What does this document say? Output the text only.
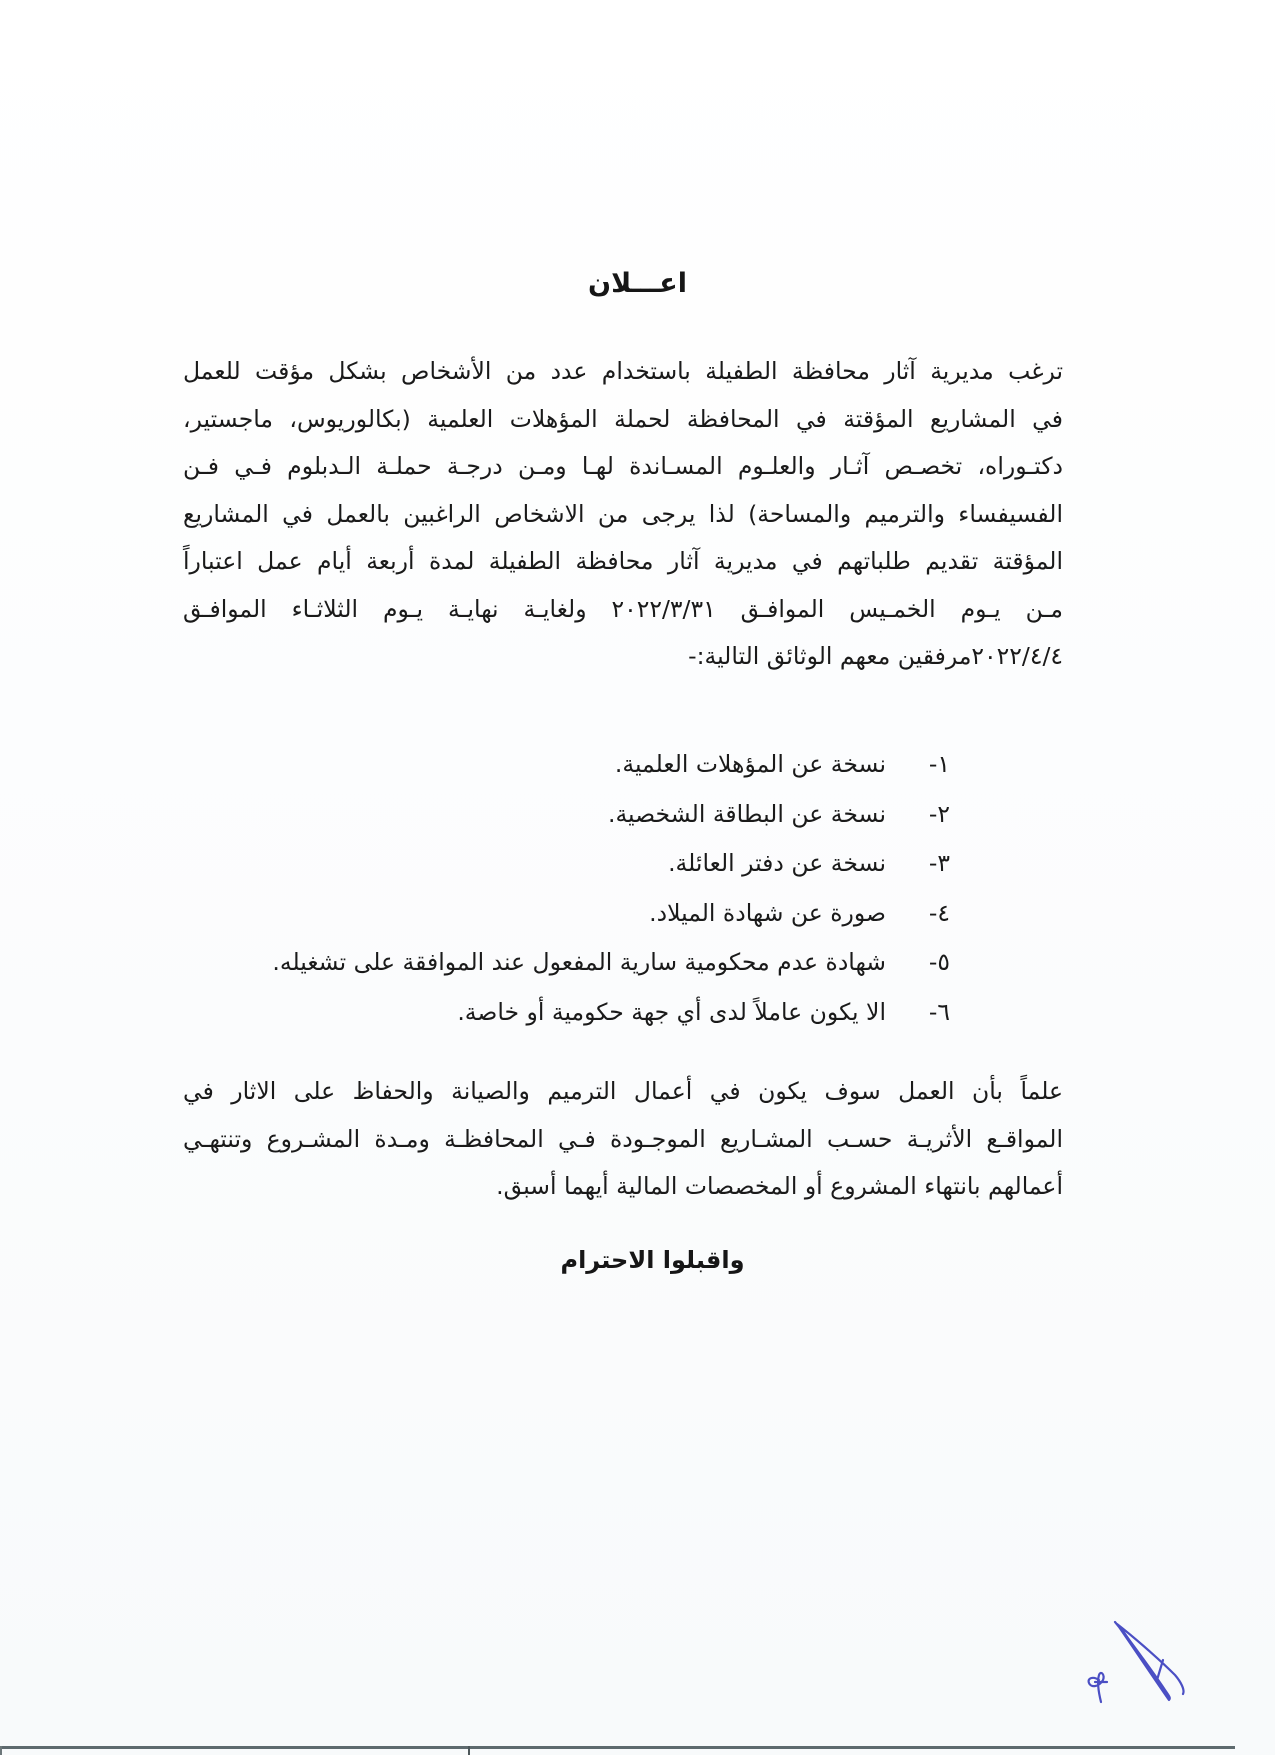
اعـــلان
ترغب مديرية آثار محافظة الطفيلة باستخدام عدد من الأشخاص بشكل مؤقت للعمل
في المشاريع المؤقتة في المحافظة لحملة المؤهلات العلمية (بكالوريوس، ماجستير،
دكتـوراه، تخصـص آثـار والعلـوم المسـاندة لهـا ومـن درجـة حملـة الـدبلوم فـي فـن
الفسيفساء والترميم والمساحة) لذا يرجى من الاشخاص الراغبين بالعمل في المشاريع
المؤقتة تقديم طلباتهم في مديرية آثار محافظة الطفيلة لمدة أربعة أيام عمل اعتباراً
مـن يـوم الخمـيس الموافـق ٢٠٢٢/٣/٣١ ولغايـة نهايـة يـوم الثلاثـاء الموافـق
٢٠٢٢/٤/٤مرفقين معهم الوثائق التالية:-
١-
نسخة عن المؤهلات العلمية.
٢-
نسخة عن البطاقة الشخصية.
٣-
نسخة عن دفتر العائلة.
٤-
صورة عن شهادة الميلاد.
٥-
شهادة عدم محكومية سارية المفعول عند الموافقة على تشغيله.
٦-
الا يكون عاملاً لدى أي جهة حكومية أو خاصة.
علماً بأن العمل سوف يكون في أعمال الترميم والصيانة والحفاظ على الاثار في
المواقـع الأثريـة حسـب المشـاريع الموجـودة فـي المحافظـة ومـدة المشـروع وتنتهـي
أعمالهم بانتهاء المشروع أو المخصصات المالية أيهما أسبق.
واقبلوا الاحترام
